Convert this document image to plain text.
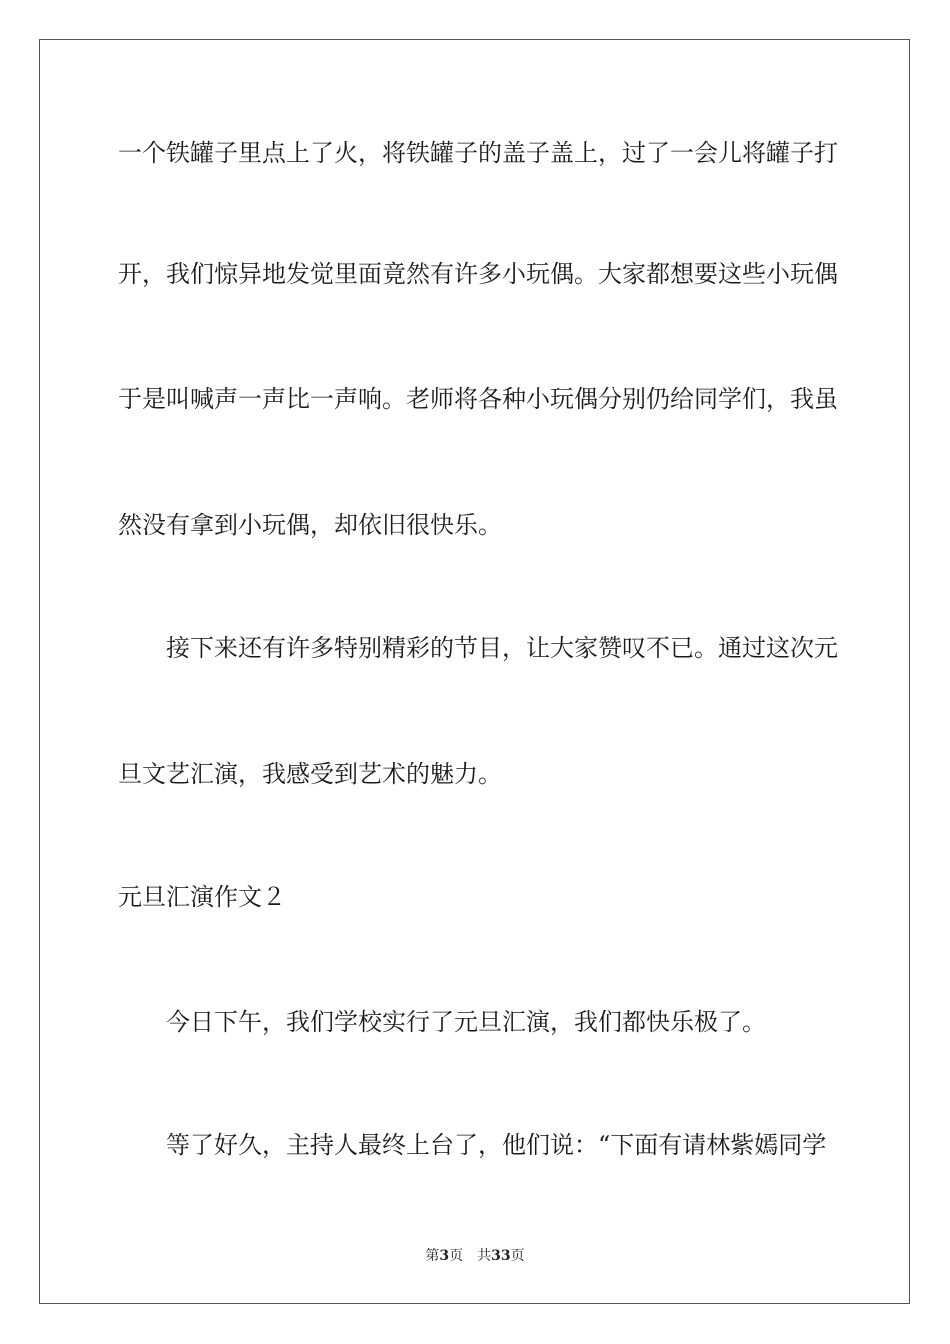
一个铁罐子里点上了火，将铁罐子的盖子盖上，过了一会儿将罐子打
开，我们惊异地发觉里面竟然有许多小玩偶。大家都想要这些小玩偶
于是叫喊声一声比一声响。老师将各种小玩偶分别仍给同学们，我虽
然没有拿到小玩偶，却依旧很快乐。
接下来还有许多特别精彩的节目，让大家赞叹不已。通过这次元
旦文艺汇演，我感受到艺术的魅力。
元旦汇演作文２
今日下午，我们学校实行了元旦汇演，我们都快乐极了。
等了好久，主持人最终上台了，他们说：“下面有请林紫嫣同学
第3页 共33页
